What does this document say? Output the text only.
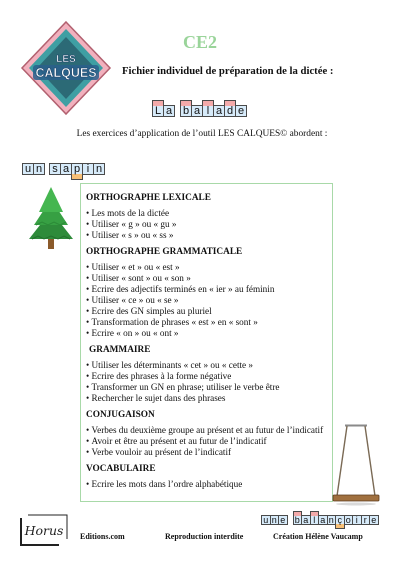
LES
CALQUES
CE2
Fichier individuel de préparation de la dictée :
L a b a l a d e
Les exercices d’application de l’outil LES CALQUES© abordent :
u n s a p i n
ORTHOGRAPHE LEXICALE
• Les mots de la dictée
• Utiliser « g » ou « gu »
• Utiliser « s » ou « ss »
ORTHOGRAPHE GRAMMATICALE
• Utiliser « et » ou « est »
• Utiliser « sont » ou « son »
• Ecrire des adjectifs terminés en « ier » au féminin
• Utiliser « ce » ou « se »
• Ecrire des GN simples au pluriel
• Transformation de phrases « est » en « sont »
• Ecrire « on » ou « ont »
GRAMMAIRE
• Utiliser les déterminants « cet » ou « cette »
• Ecrire des phrases à la forme négative
• Transformer un GN en phrase; utiliser le verbe être
• Rechercher le sujet dans des phrases
CONJUGAISON
• Verbes du deuxième groupe au présent et au futur de l’indicatif
• Avoir et être au présent et au futur de l’indicatif
• Verbe vouloir au présent de l’indicatif
VOCABULAIRE
• Ecrire les mots dans l’ordre alphabétique
u n e b a l a n ç o i r e
Horus Editions.com	Reproduction interdite	Création Hélène Vaucamp
